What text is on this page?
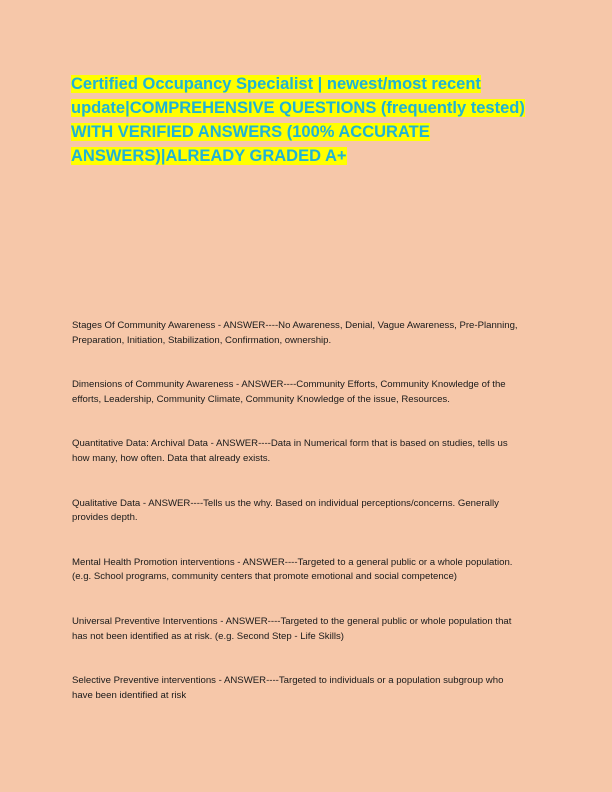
Certified Occupancy Specialist | newest/most recent
update|COMPREHENSIVE QUESTIONS (frequently tested)
WITH VERIFIED ANSWERS (100% ACCURATE
ANSWERS)|ALREADY GRADED A+

Stages Of Community Awareness - ANSWER----No Awareness, Denial, Vague Awareness, Pre-Planning,
Preparation, Initiation, Stabilization, Confirmation, ownership.

Dimensions of Community Awareness - ANSWER----Community Efforts, Community Knowledge of the
efforts, Leadership, Community Climate, Community Knowledge of the issue, Resources.

Quantitative Data: Archival Data - ANSWER----Data in Numerical form that is based on studies, tells us
how many, how often. Data that already exists.

Qualitative Data - ANSWER----Tells us the why. Based on individual perceptions/concerns. Generally
provides depth.

Mental Health Promotion interventions - ANSWER----Targeted to a general public or a whole population.
(e.g. School programs, community centers that promote emotional and social competence)

Universal Preventive Interventions - ANSWER----Targeted to the general public or whole population that
has not been identified as at risk. (e.g. Second Step - Life Skills)

Selective Preventive interventions - ANSWER----Targeted to individuals or a population subgroup who
have been identified at risk
